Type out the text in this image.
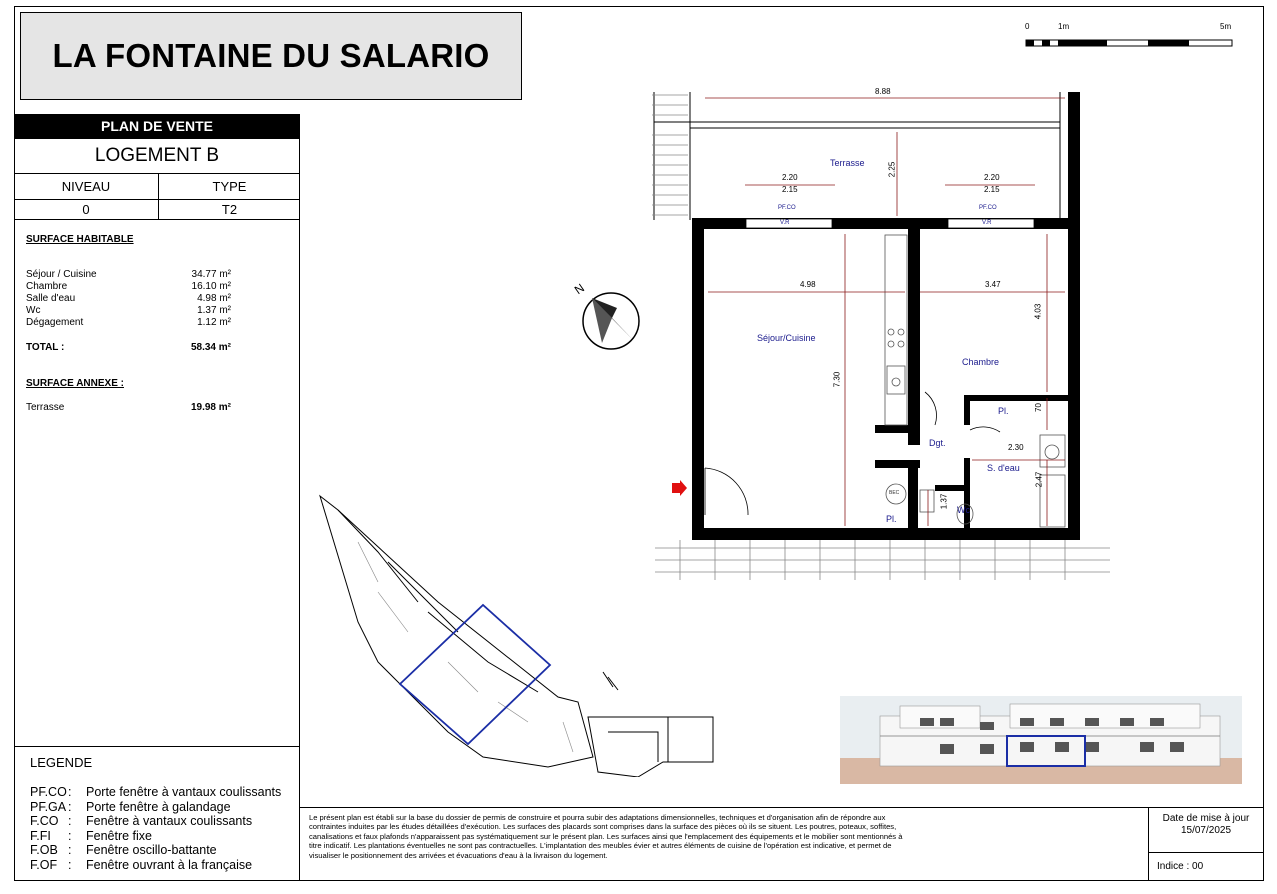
LA FONTAINE DU SALARIO
PLAN DE VENTE
LOGEMENT B
NIVEAU	TYPE
0	T2
SURFACE HABITABLE
Séjour / Cuisine	34.77 m²
Chambre	16.10 m²
Salle d'eau	4.98 m²
Wc	1.37 m²
Dégagement	1.12 m²
TOTAL :	58.34 m²
SURFACE ANNEXE :
Terrasse	19.98 m²
LEGENDE
PF.CO :	Porte fenêtre à vantaux coulissants
PF.GA :	Porte fenêtre à galandage
F.CO :	Fenêtre à vantaux coulissants
F.FI	:	Fenêtre fixe
F.OB :	Fenêtre oscillo-battante
F.OF :	Fenêtre ouvrant à la française
Le présent plan est établi sur la base du dossier de permis de construire et pourra subir des adaptations dimensionnelles, techniques et d'organisation afin de répondre aux contraintes induites par les études détaillées d'exécution. Les surfaces des placards sont comprises dans la surface des pièces où ils se situent. Les poutres, poteaux, soffites, canalisations et faux plafonds n'apparaissent pas systématiquement sur le présent plan. Les surfaces ainsi que l'emplacement des équipements et le mobilier sont mentionnés à titre indicatif. Les plantations éventuelles ne sont pas contractuelles. L'implantation des meubles évier et autres éléments de cuisine de l'opération est indicative, et permet de visualiser le positionnement des arrivées et évacuations d'eau à la livraison du logement.
Date de mise à jour
15/07/2025
Indice : 00
0	1m	5m
N
Terrasse
Séjour/Cuisine
Chambre
Dgt.
S. d'eau
Wc
Pl.
Pl.
PF.CO
V.R
PF.CO
V.R
BEC
8.88
2.20
2.15
2.20
2.15
2.25
4.98	3.47
4.03
7.30
70
2.30
2.47
1.37
